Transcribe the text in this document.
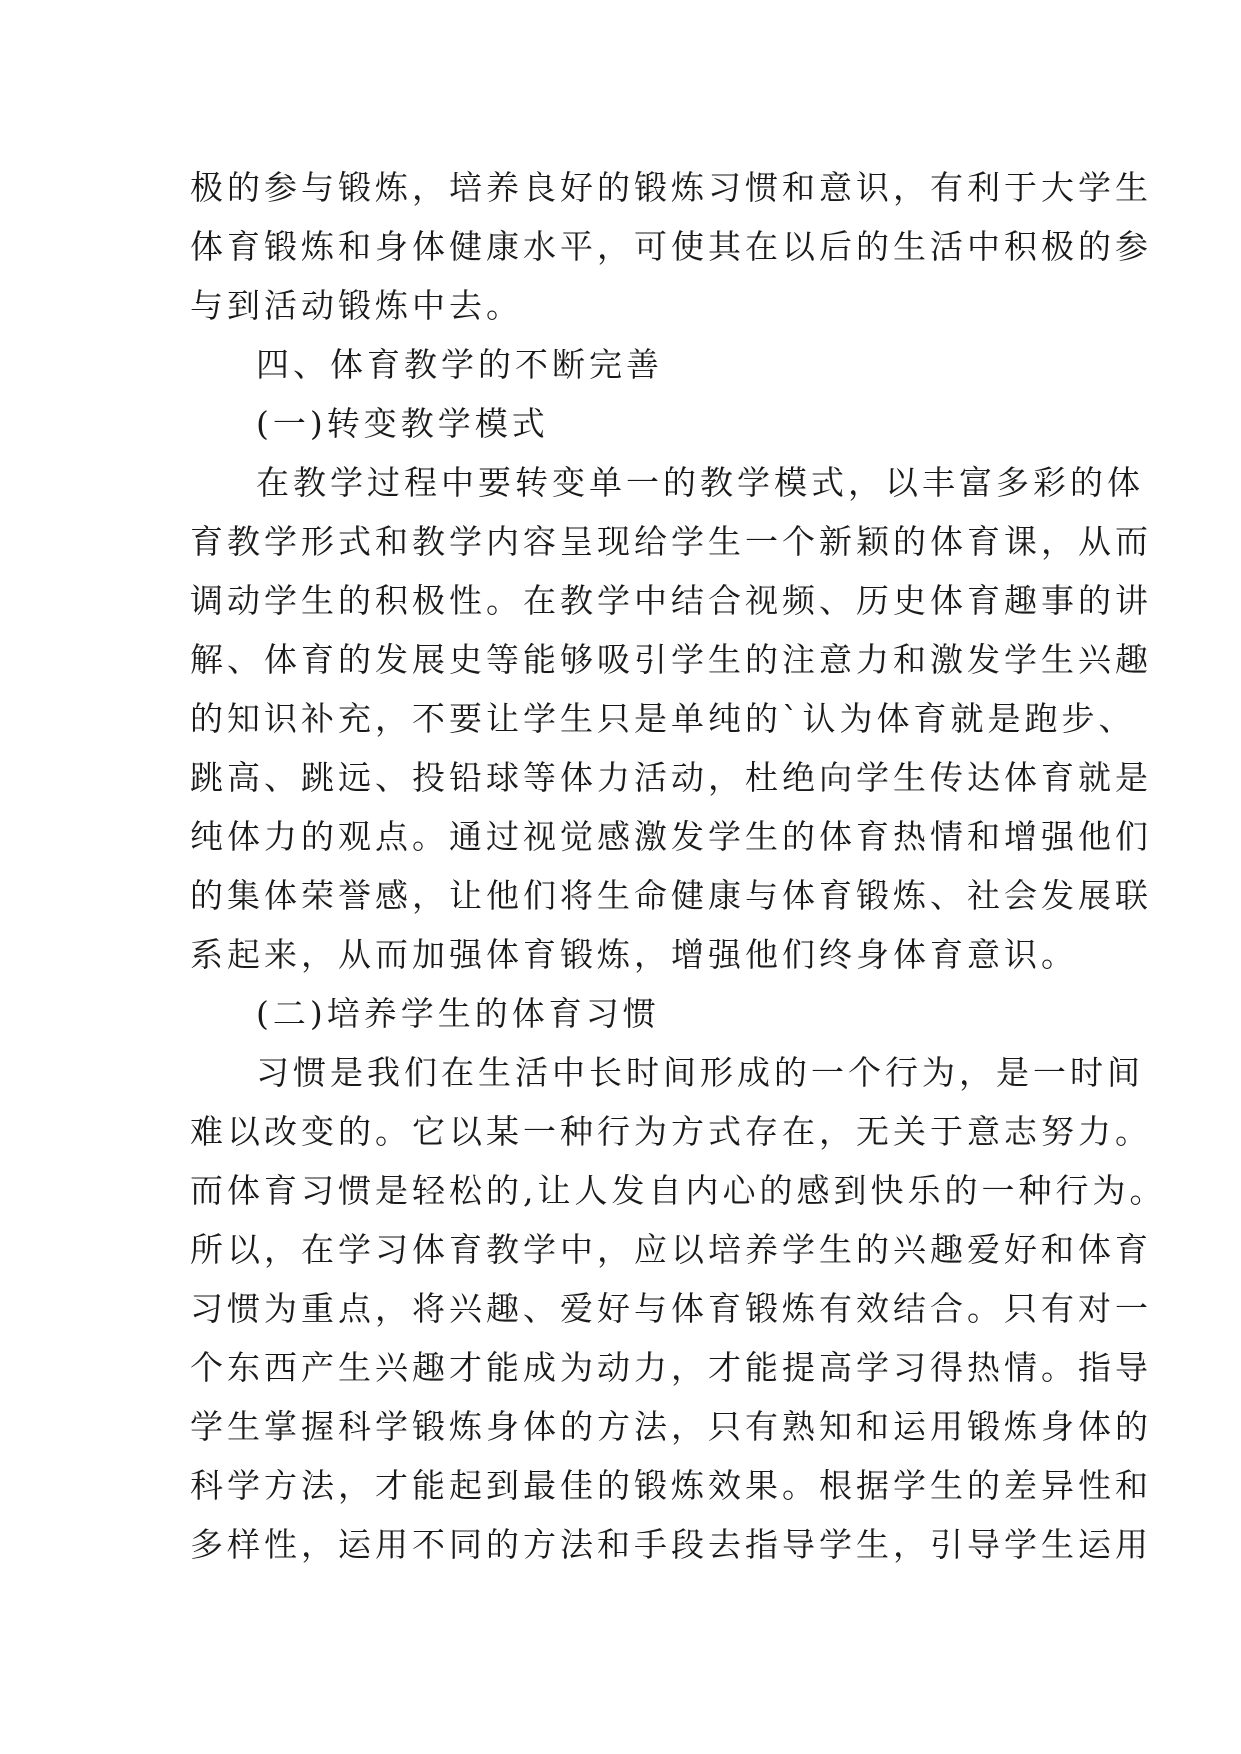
极的参与锻炼，培养良好的锻炼习惯和意识，有利于大学生
体育锻炼和身体健康水平，可使其在以后的生活中积极的参
与到活动锻炼中去。
四、体育教学的不断完善
(一)转变教学模式
在教学过程中要转变单一的教学模式，以丰富多彩的体
育教学形式和教学内容呈现给学生一个新颖的体育课，从而
调动学生的积极性。在教学中结合视频、历史体育趣事的讲
解、体育的发展史等能够吸引学生的注意力和激发学生兴趣
的知识补充，不要让学生只是单纯的`认为体育就是跑步、
跳高、跳远、投铅球等体力活动，杜绝向学生传达体育就是
纯体力的观点。通过视觉感激发学生的体育热情和增强他们
的集体荣誉感，让他们将生命健康与体育锻炼、社会发展联
系起来，从而加强体育锻炼，增强他们终身体育意识。
(二)培养学生的体育习惯
习惯是我们在生活中长时间形成的一个行为，是一时间
难以改变的。它以某一种行为方式存在，无关于意志努力。
而体育习惯是轻松的,让人发自内心的感到快乐的一种行为。
所以，在学习体育教学中，应以培养学生的兴趣爱好和体育
习惯为重点，将兴趣、爱好与体育锻炼有效结合。只有对一
个东西产生兴趣才能成为动力，才能提高学习得热情。指导
学生掌握科学锻炼身体的方法，只有熟知和运用锻炼身体的
科学方法，才能起到最佳的锻炼效果。根据学生的差异性和
多样性，运用不同的方法和手段去指导学生，引导学生运用
